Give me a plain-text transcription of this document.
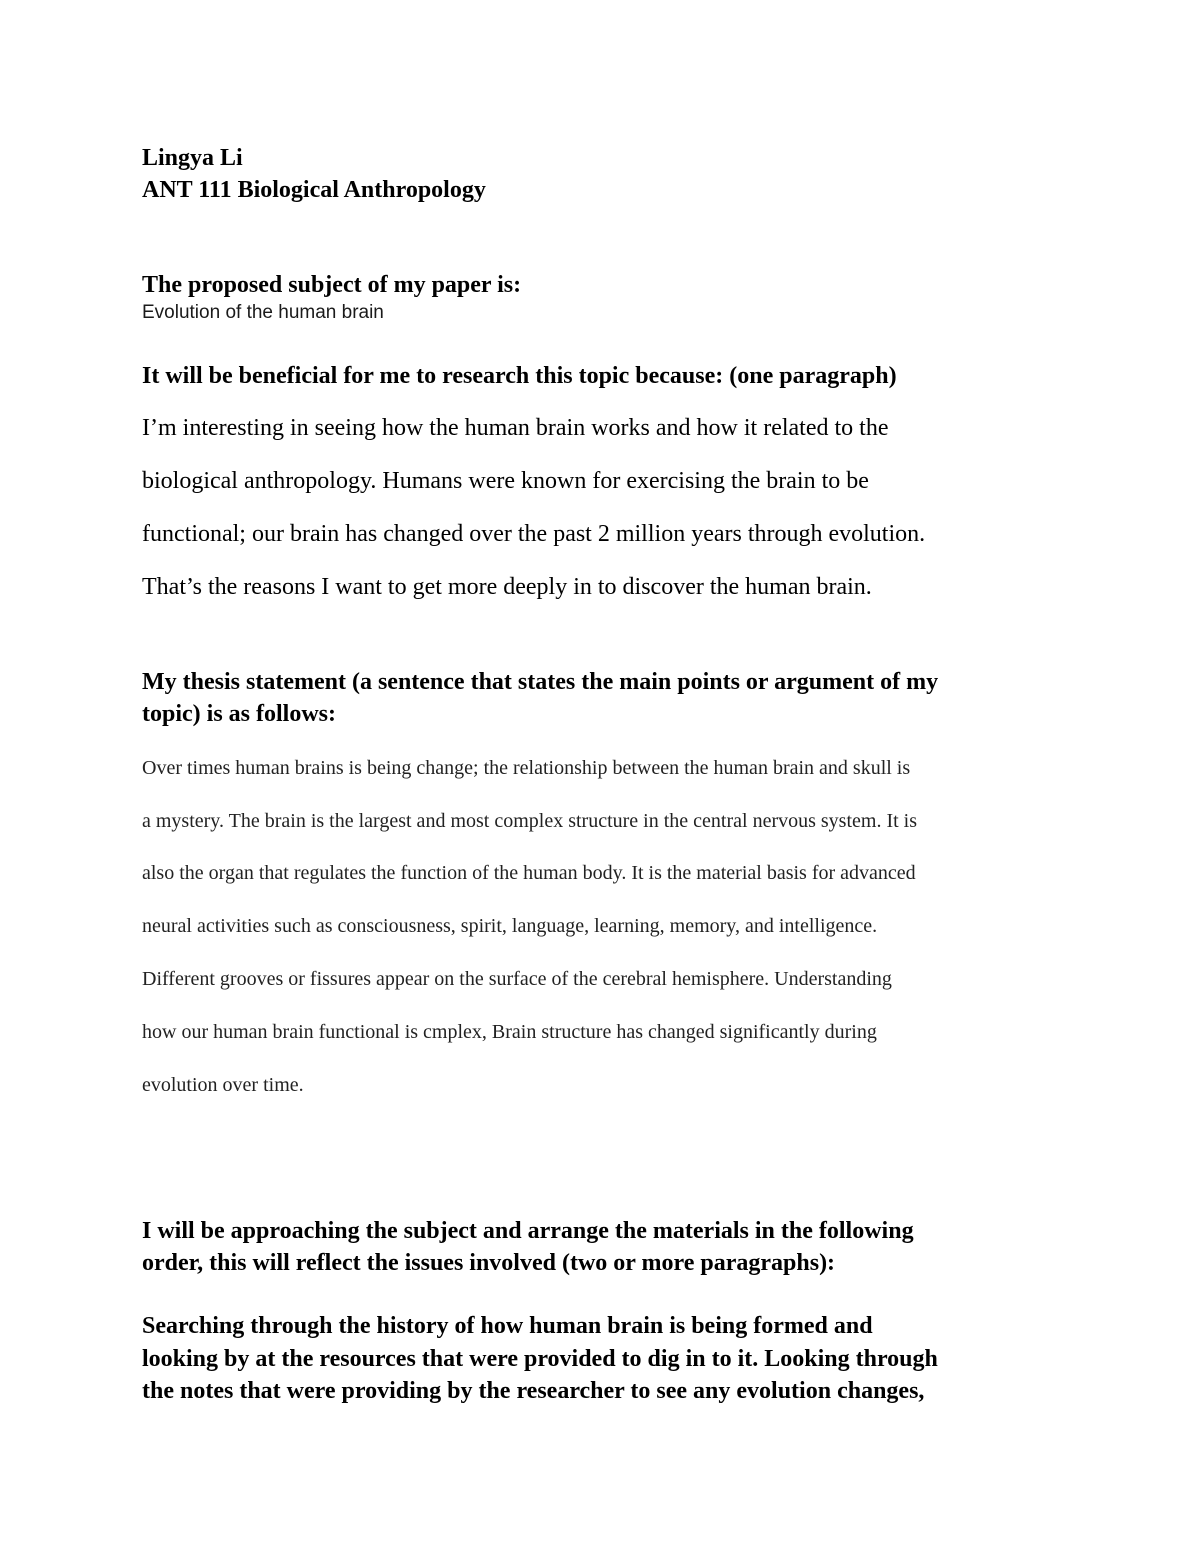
Lingya Li

ANT 111 Biological Anthropology

The proposed subject of my paper is:

Evolution of the human brain

It will be beneficial for me to research this topic because: (one paragraph)

I’m interesting in seeing how the human brain works and how it related to the

biological anthropology. Humans were known for exercising the brain to be

functional; our brain has changed over the past 2 million years through evolution.

That’s the reasons I want to get more deeply in to discover the human brain.

My thesis statement (a sentence that states the main points or argument of my

topic) is as follows:

Over times human brains is being change; the relationship between the human brain and skull is

a mystery. The brain is the largest and most complex structure in the central nervous system. It is

also the organ that regulates the function of the human body. It is the material basis for advanced

neural activities such as consciousness, spirit, language, learning, memory, and intelligence.

Different grooves or fissures appear on the surface of the cerebral hemisphere. Understanding

how our human brain functional is cmplex, Brain structure has changed significantly during

evolution over time.

I will be approaching the subject and arrange the materials in the following

order, this will reflect the issues involved (two or more paragraphs):

Searching through the history of how human brain is being formed and

looking by at the resources that were provided to dig in to it. Looking through

the notes that were providing by the researcher to see any evolution changes,
